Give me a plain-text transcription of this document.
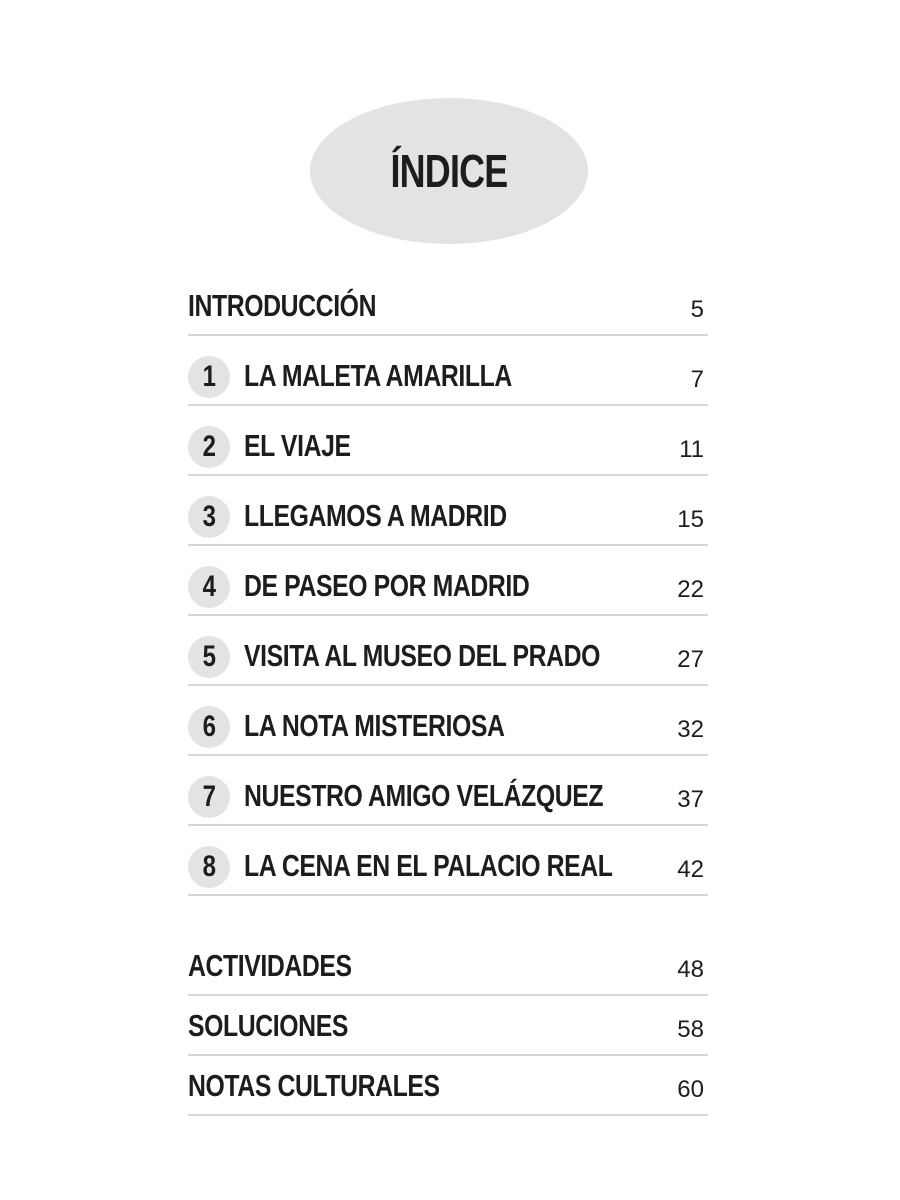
ÍNDICE
INTRODUCCIÓN	5
1 LA MALETA AMARILLA	7
2 EL VIAJE	11
3 LLEGAMOS A MADRID	15
4 DE PASEO POR MADRID	22
5 VISITA AL MUSEO DEL PRADO	27
6 LA NOTA MISTERIOSA	32
7 NUESTRO AMIGO VELÁZQUEZ	37
8 LA CENA EN EL PALACIO REAL	42
ACTIVIDADES	48
SOLUCIONES	58
NOTAS CULTURALES	60
